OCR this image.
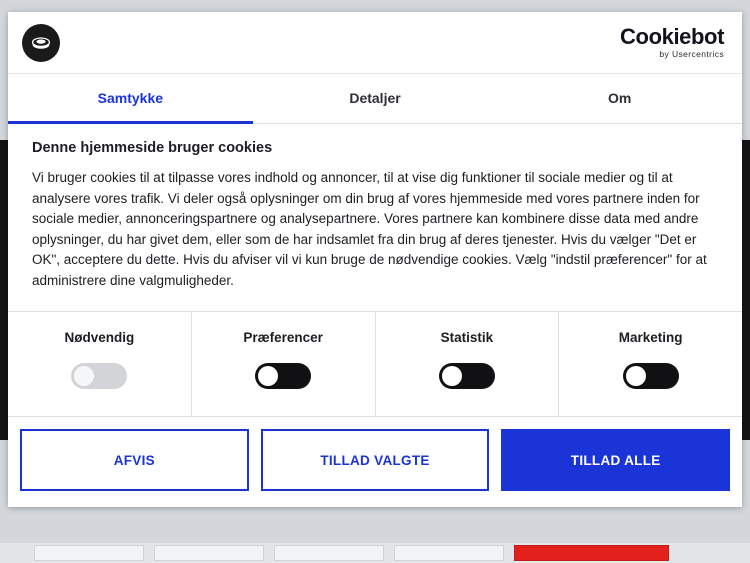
Cookiebot
by Usercentrics
Samtykke	Detaljer	Om
Denne hjemmeside bruger cookies

Vi bruger cookies til at tilpasse vores indhold og annoncer, til at vise dig funktioner til sociale medier og til at analysere vores trafik. Vi deler også oplysninger om din brug af vores hjemmeside med vores partnere inden for sociale medier, annonceringspartnere og analysepartnere. Vores partnere kan kombinere disse data med andre oplysninger, du har givet dem, eller som de har indsamlet fra din brug af deres tjenester. Hvis du vælger "Det er OK", acceptere du dette. Hvis du afviser vil vi kun bruge de nødvendige cookies. Vælg "indstil præferencer" for at administrere dine valgmuligheder.

Nødvendig	Præferencer	Statistik	Marketing
AFVIS	TILLAD VALGTE	TILLAD ALLE
